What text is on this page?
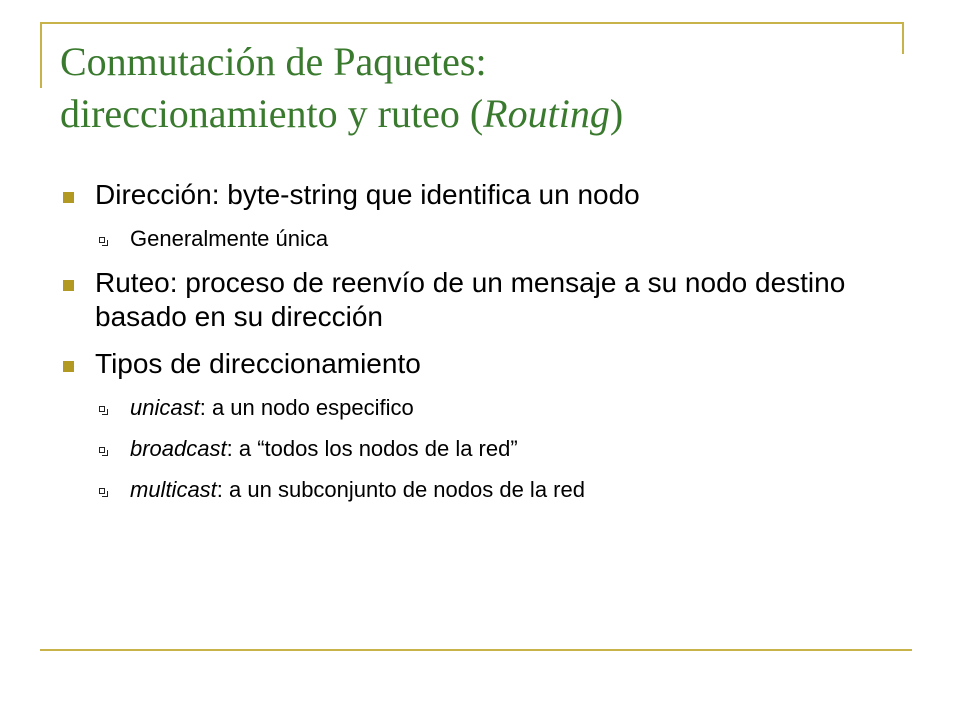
Conmutación de Paquetes:
direccionamiento y ruteo (Routing)
Dirección: byte-string que identifica un nodo
Generalmente única
Ruteo: proceso de reenvío de un mensaje a su nodo destino basado en su dirección
Tipos de direccionamiento
unicast: a un nodo especifico
broadcast: a “todos los nodos de la red”
multicast: a un subconjunto de nodos de la red
